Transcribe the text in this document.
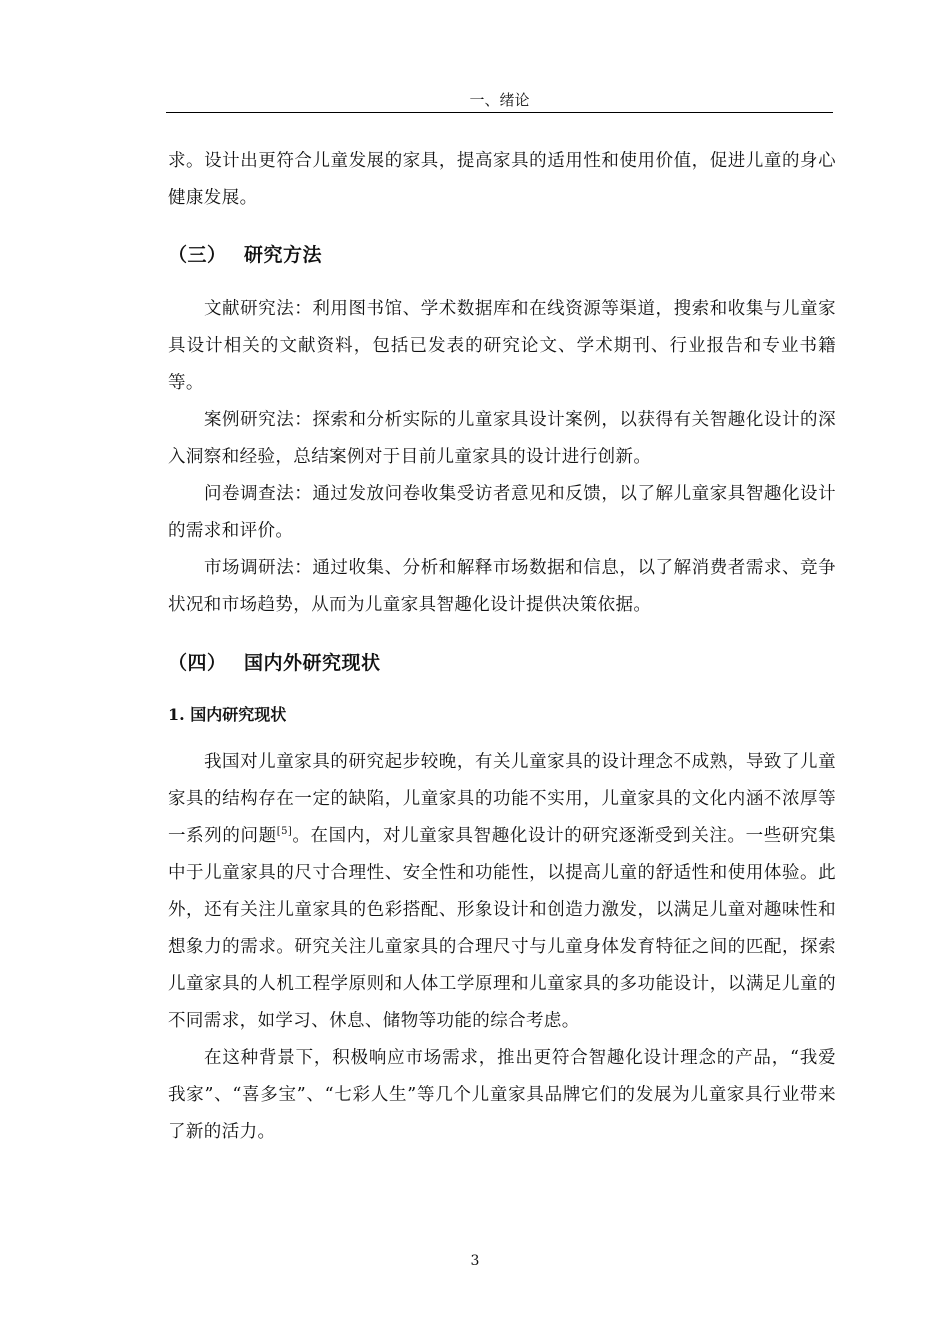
一、绪论

求。设计出更符合儿童发展的家具，提高家具的适用性和使用价值，促进儿童的身心健康发展。

（三） 研究方法

文献研究法：利用图书馆、学术数据库和在线资源等渠道，搜索和收集与儿童家具设计相关的文献资料，包括已发表的研究论文、学术期刊、行业报告和专业书籍等。

案例研究法：探索和分析实际的儿童家具设计案例，以获得有关智趣化设计的深入洞察和经验，总结案例对于目前儿童家具的设计进行创新。

问卷调查法：通过发放问卷收集受访者意见和反馈，以了解儿童家具智趣化设计的需求和评价。

市场调研法：通过收集、分析和解释市场数据和信息，以了解消费者需求、竞争状况和市场趋势，从而为儿童家具智趣化设计提供决策依据。

（四） 国内外研究现状
1. 国内研究现状

我国对儿童家具的研究起步较晚，有关儿童家具的设计理念不成熟，导致了儿童家具的结构存在一定的缺陷，儿童家具的功能不实用，儿童家具的文化内涵不浓厚等一系列的问题[5]。在国内，对儿童家具智趣化设计的研究逐渐受到关注。一些研究集中于儿童家具的尺寸合理性、安全性和功能性，以提高儿童的舒适性和使用体验。此外，还有关注儿童家具的色彩搭配、形象设计和创造力激发，以满足儿童对趣味性和想象力的需求。研究关注儿童家具的合理尺寸与儿童身体发育特征之间的匹配，探索儿童家具的人机工程学原则和人体工学原理和儿童家具的多功能设计，以满足儿童的不同需求，如学习、休息、储物等功能的综合考虑。

在这种背景下，积极响应市场需求，推出更符合智趣化设计理念的产品，“我爱我家”、“喜多宝”、“七彩人生”等几个儿童家具品牌它们的发展为儿童家具行业带来了新的活力。

3
